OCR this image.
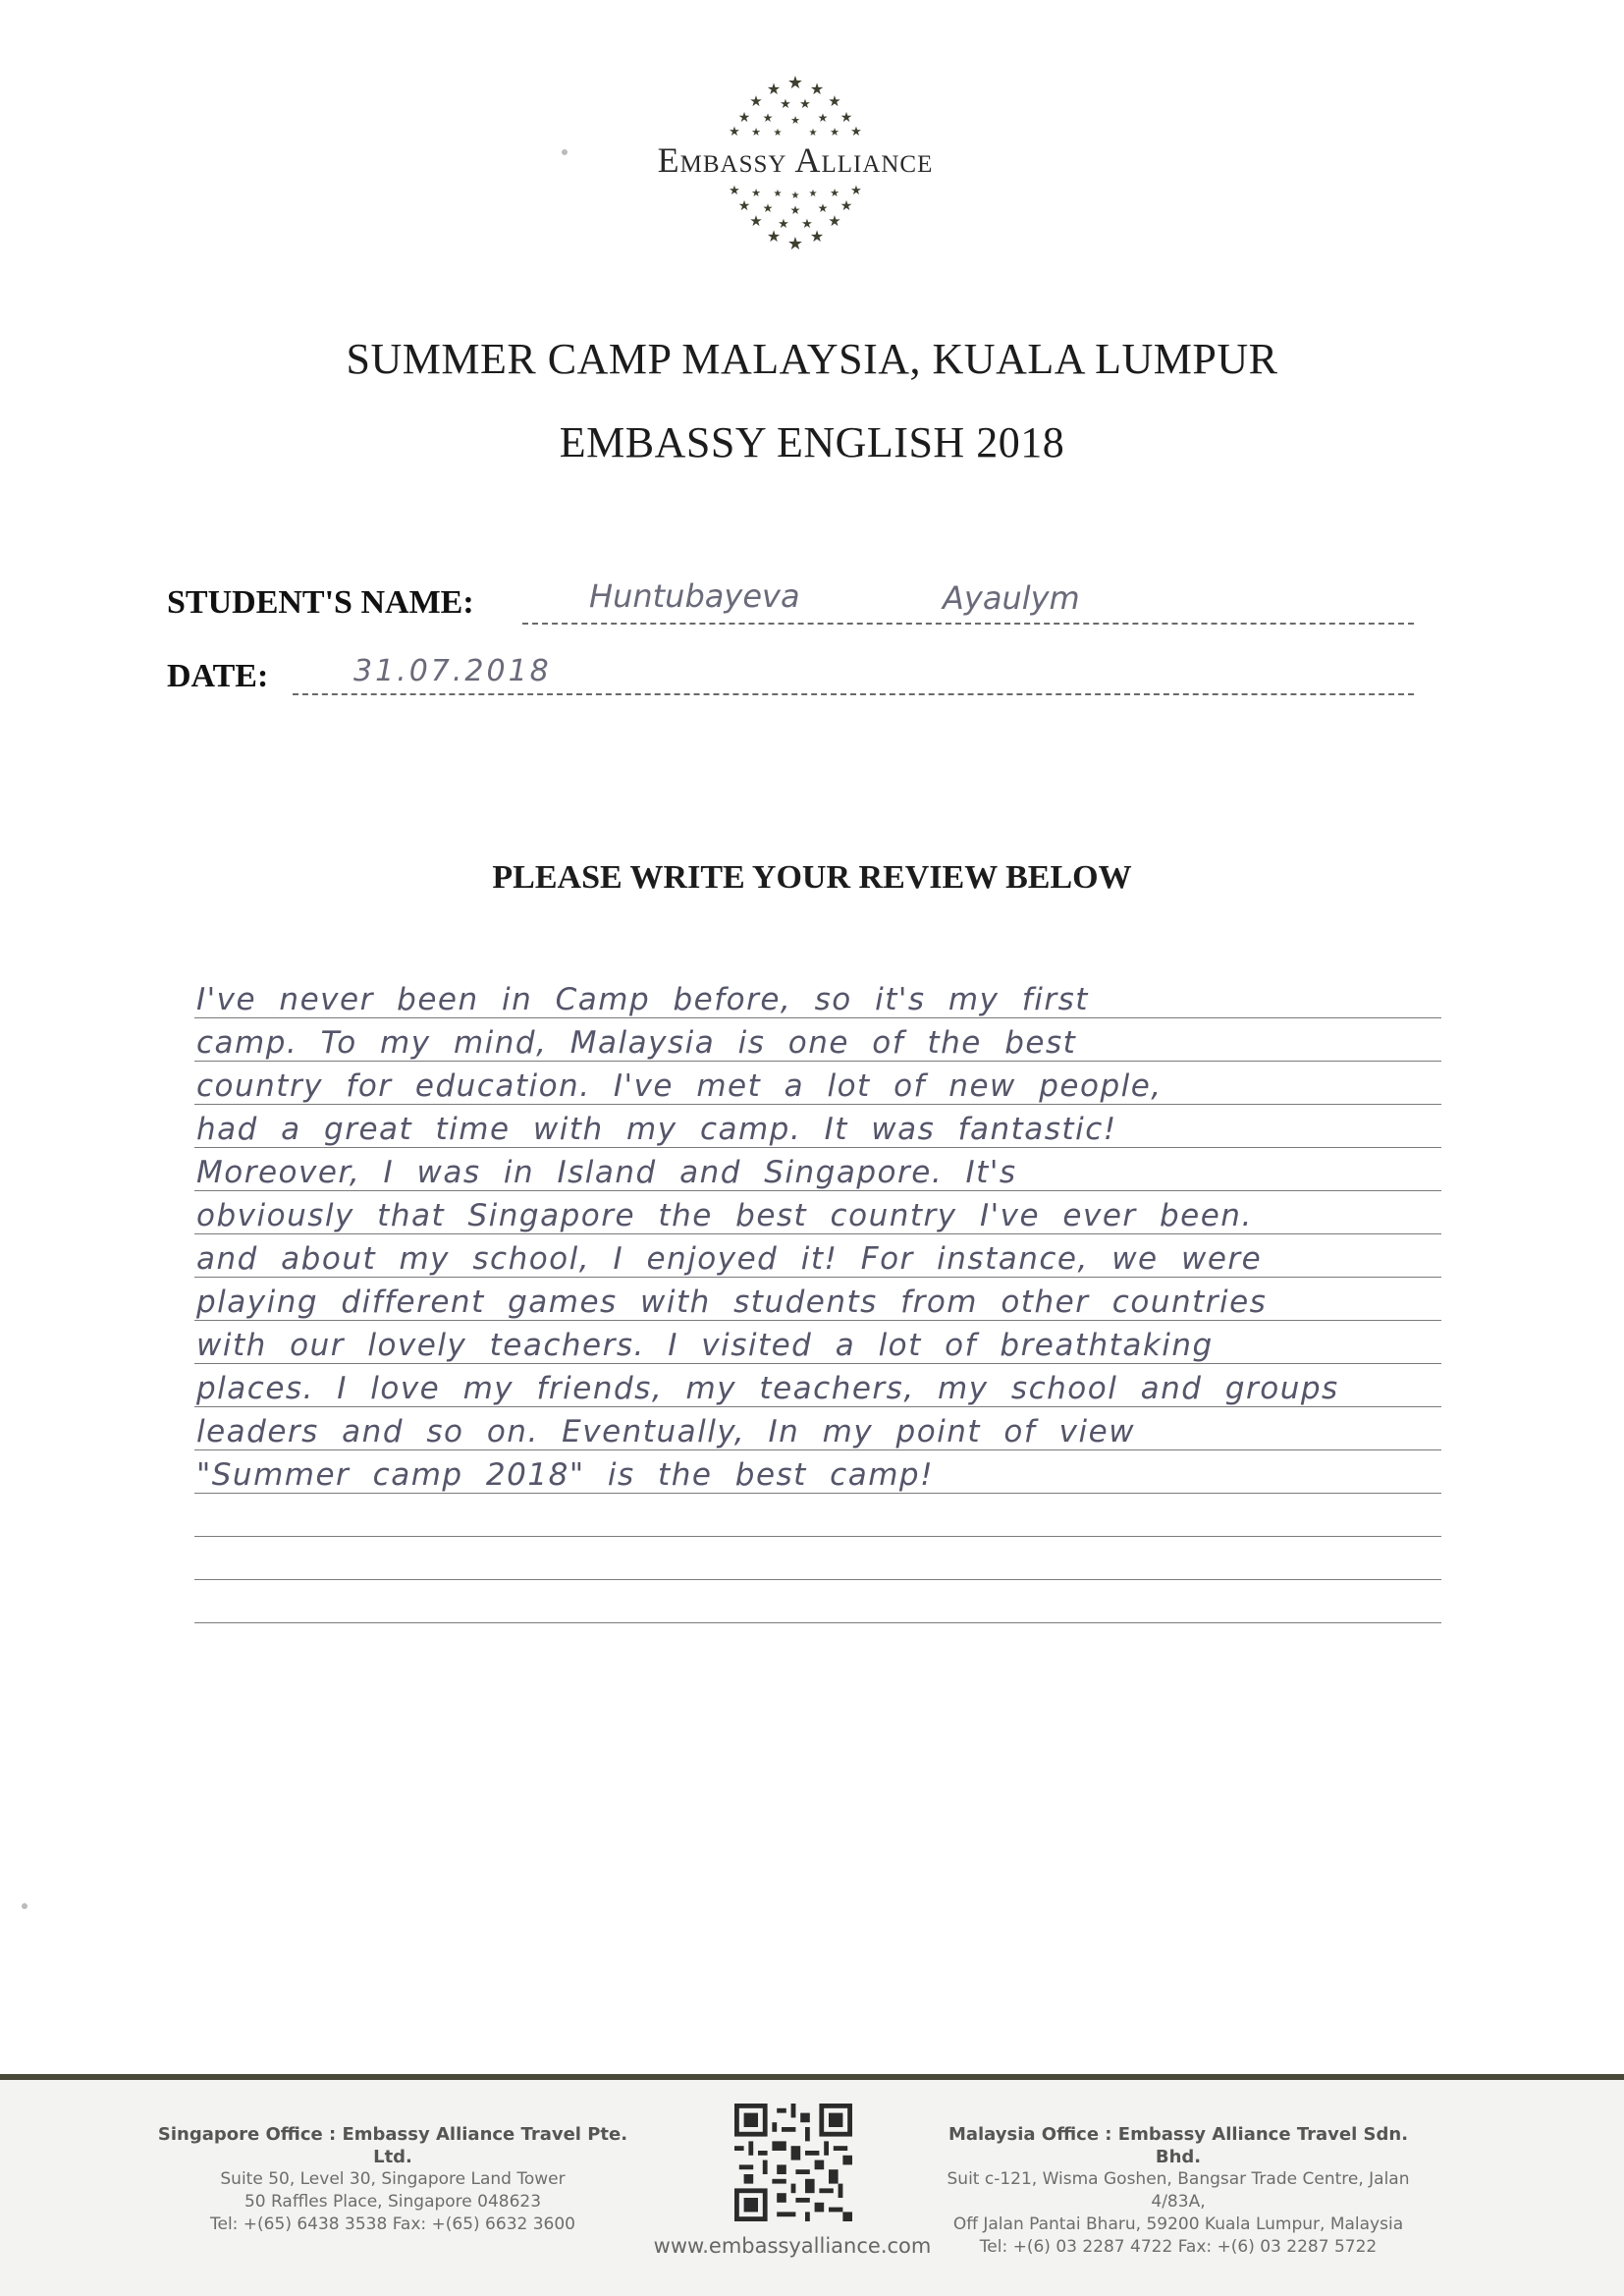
★
★ ★
★	★
★ ★
★	★
★	★
★
★	★
★	★
★	★
★	★
★	★
★	★
★
★	★
★	★
★
★	★
★ ★
★ ★
★
Embassy Alliance
SUMMER CAMP MALAYSIA, KUALA LUMPUR
EMBASSY ENGLISH 2018
STUDENT'S NAME:	Huntubayeva	Ayaulym
DATE:	31.07.2018
PLEASE WRITE YOUR REVIEW BELOW
I've never been in Camp before, so it's my first
camp. To my mind, Malaysia is one of the best
country for education. I've met a lot of new people,
had a great time with my camp. It was fantastic!
Moreover, I was in Island and Singapore. It's
obviously that Singapore the best country I've ever been.
and about my school, I enjoyed it! For instance, we were
playing different games with students from other countries
with our lovely teachers. I visited a lot of breathtaking
places. I love my friends, my teachers, my school and groups
leaders and so on. Eventually, In my point of view
"Summer camp 2018" is the best camp!
Singapore Office : Embassy Alliance Travel Pte. Ltd.
Suite 50, Level 30, Singapore Land Tower
50 Raffles Place, Singapore 048623
Tel: +(65) 6438 3538 Fax: +(65) 6632 3600
Malaysia Office : Embassy Alliance Travel Sdn. Bhd.
Suit c-121, Wisma Goshen, Bangsar Trade Centre, Jalan 4/83A,
Off Jalan Pantai Bharu, 59200 Kuala Lumpur, Malaysia
Tel: +(6) 03 2287 4722 Fax: +(6) 03 2287 5722
www.embassyalliance.com
